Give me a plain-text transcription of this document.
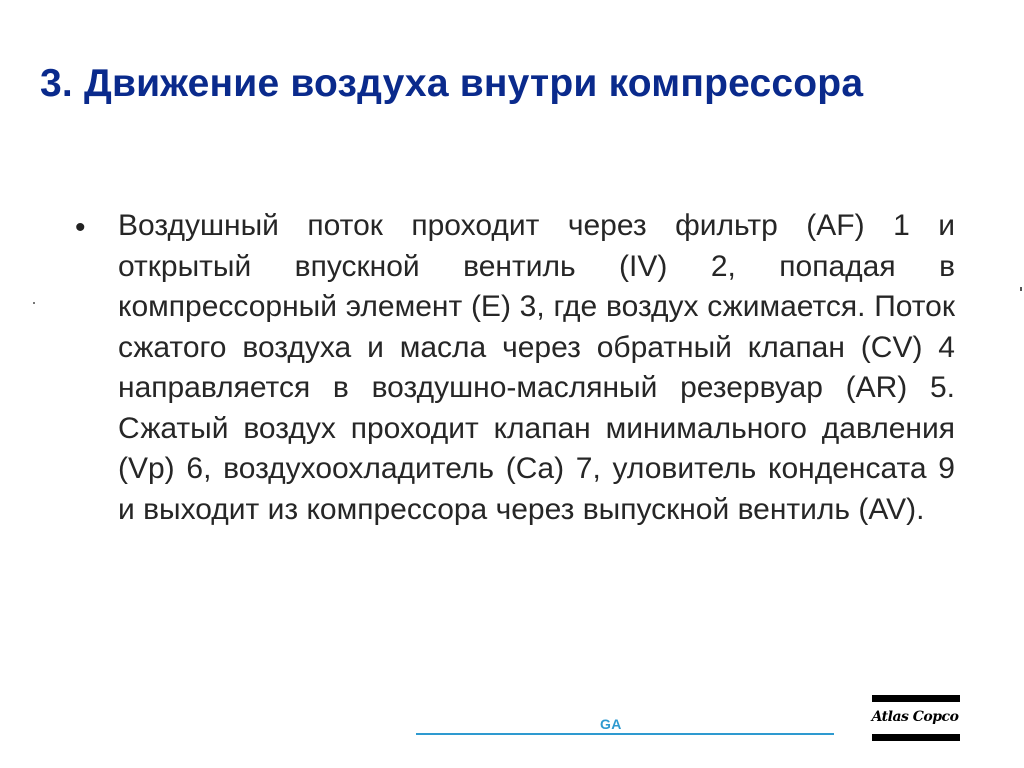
3. Движение воздуха внутри компрессора
• Воздушный поток проходит через фильтр (AF) 1 и открытый впускной вентиль (IV) 2, попадая в компрессорный элемент (Е) 3, где воздух сжимается. Поток сжатого воздуха и масла через обратный клапан (CV) 4 направляется в воздушно-масляный резервуар (AR) 5. Сжатый воздух проходит клапан минимального давления (Vp) 6, воздухоохладитель (Ca) 7, уловитель конденсата 9 и выходит из компрессора через выпускной вентиль (AV).

GA	Atlas Copco
